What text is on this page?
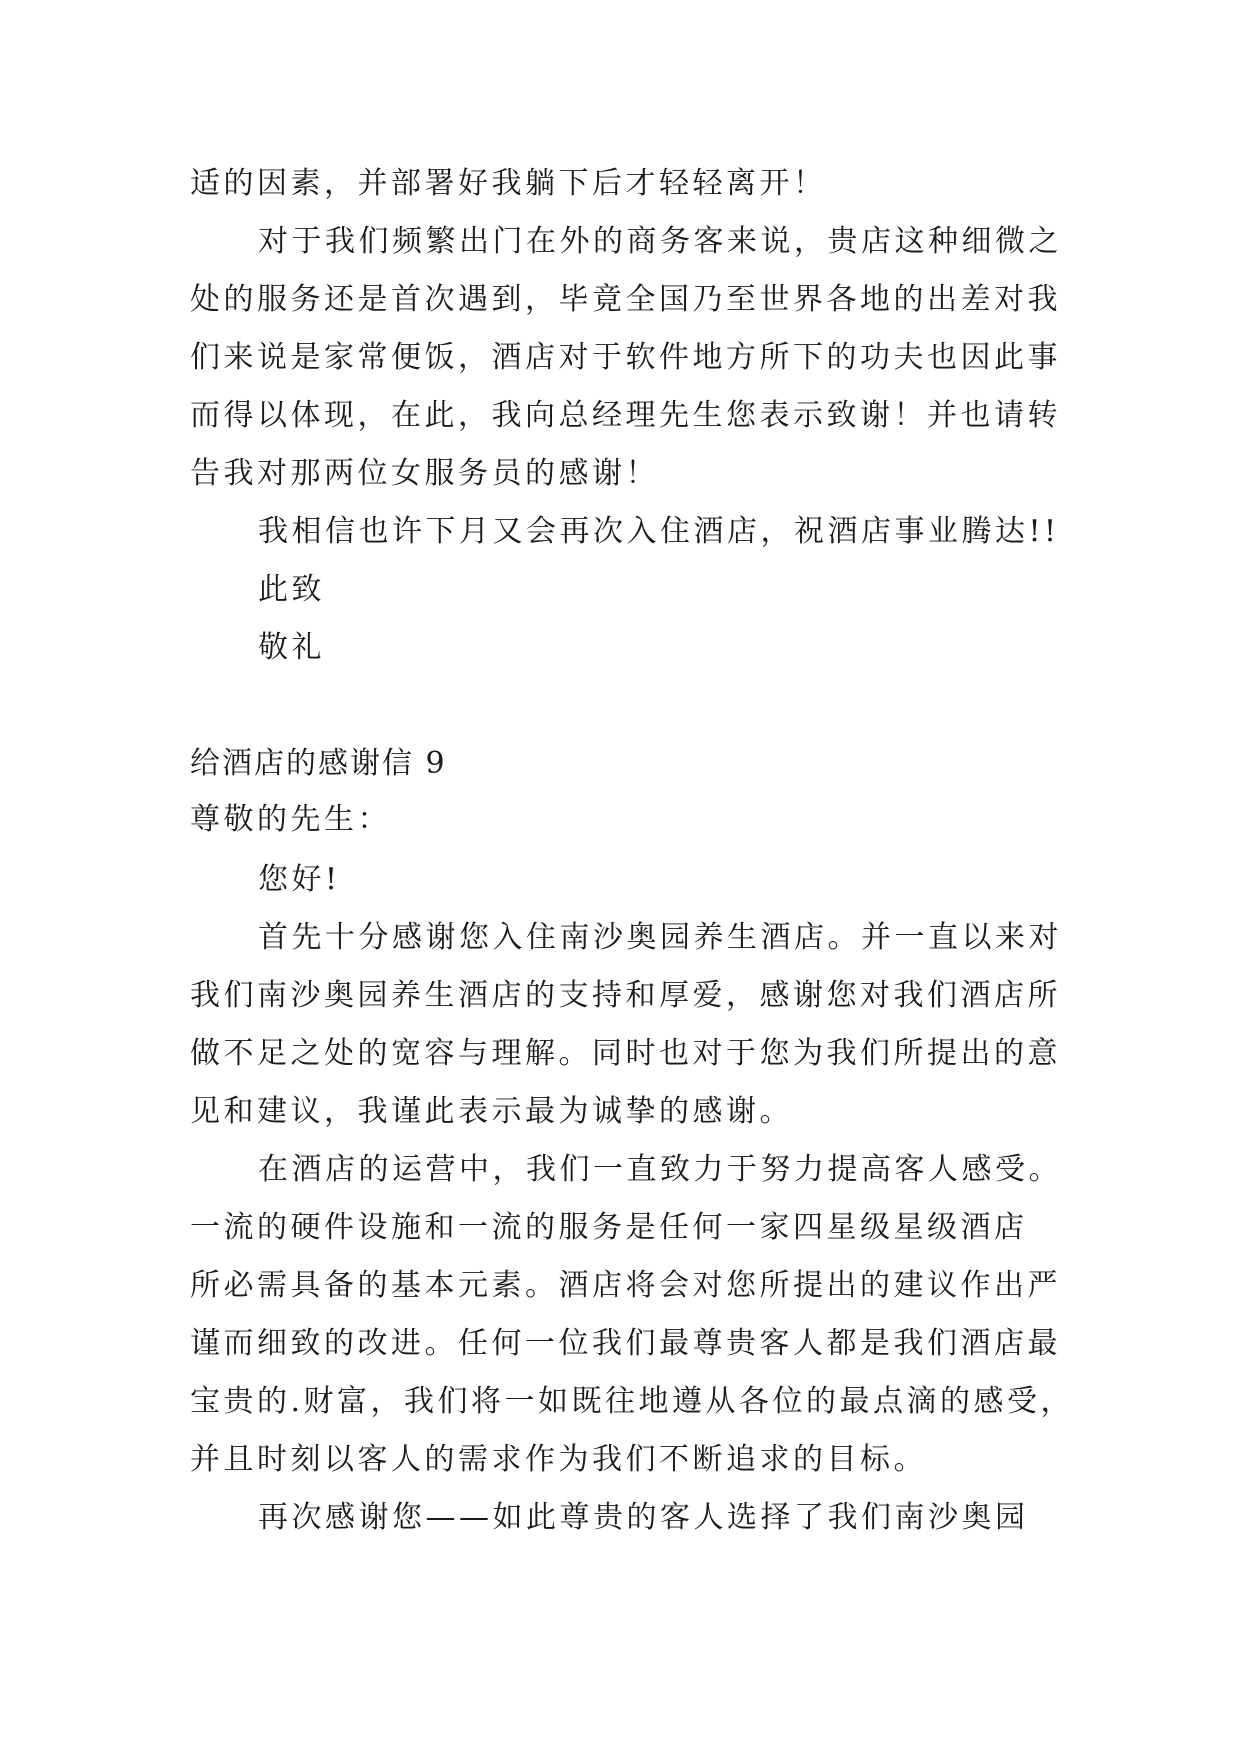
适的因素，并部署好我躺下后才轻轻离开！
对于我们频繁出门在外的商务客来说，贵店这种细微之
处的服务还是首次遇到，毕竟全国乃至世界各地的出差对我
们来说是家常便饭，酒店对于软件地方所下的功夫也因此事
而得以体现，在此，我向总经理先生您表示致谢！并也请转
告我对那两位女服务员的感谢！
我相信也许下月又会再次入住酒店，祝酒店事业腾达!!
此致
敬礼
给酒店的感谢信 9
尊敬的先生：
您好!
首先十分感谢您入住南沙奥园养生酒店。并一直以来对
我们南沙奥园养生酒店的支持和厚爱，感谢您对我们酒店所
做不足之处的宽容与理解。同时也对于您为我们所提出的意
见和建议，我谨此表示最为诚挚的感谢。
在酒店的运营中，我们一直致力于努力提高客人感受。
一流的硬件设施和一流的服务是任何一家四星级星级酒店
所必需具备的基本元素。酒店将会对您所提出的建议作出严
谨而细致的改进。任何一位我们最尊贵客人都是我们酒店最
宝贵的.财富，我们将一如既往地遵从各位的最点滴的感受，
并且时刻以客人的需求作为我们不断追求的目标。
再次感谢您——如此尊贵的客人选择了我们南沙奥园
